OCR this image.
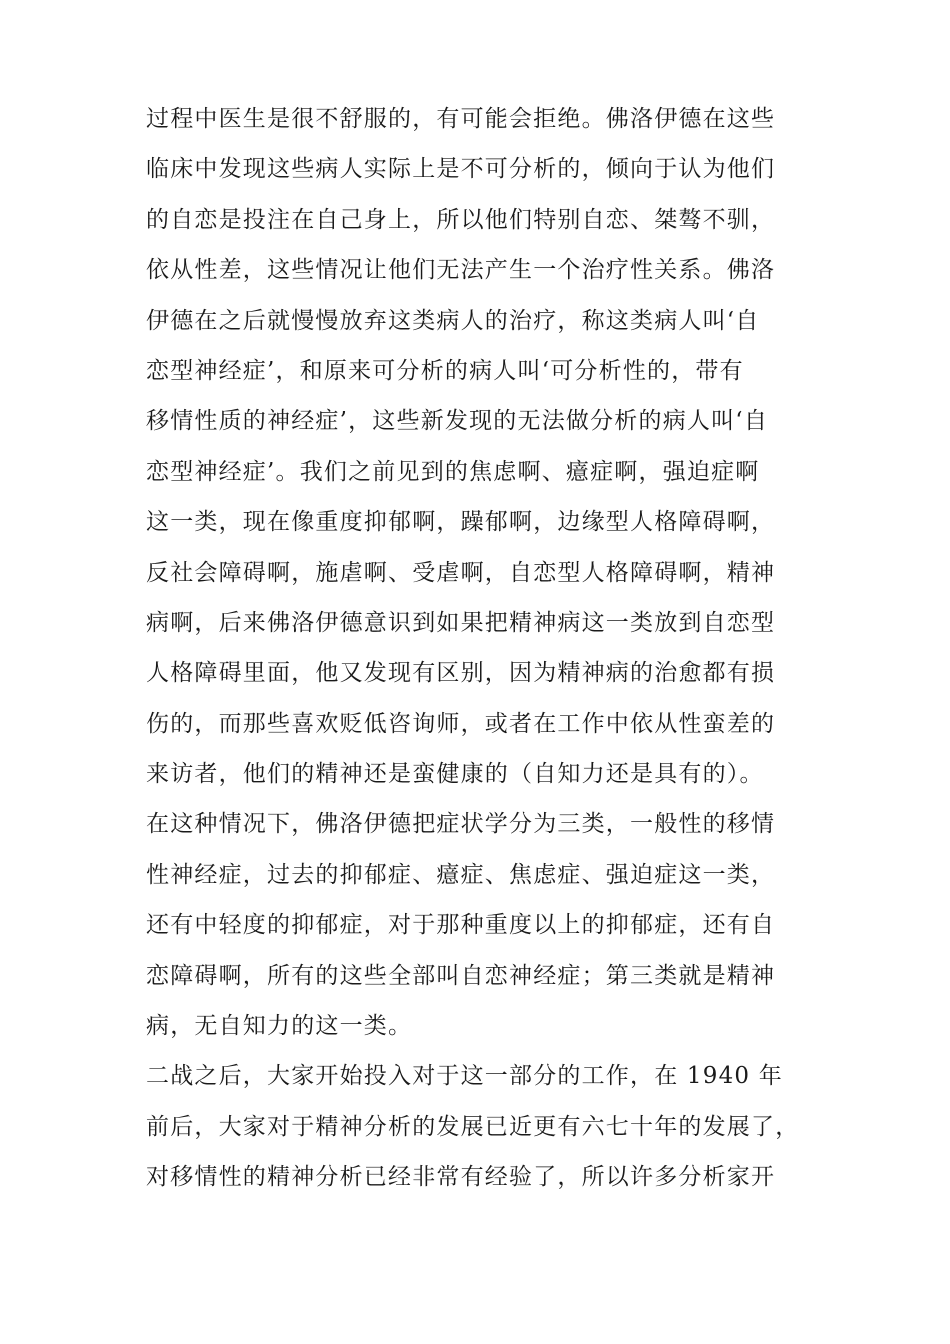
过程中医生是很不舒服的，有可能会拒绝。佛洛伊德在这些
临床中发现这些病人实际上是不可分析的，倾向于认为他们
的自恋是投注在自己身上，所以他们特别自恋、桀骜不驯，
依从性差，这些情况让他们无法产生一个治疗性关系。佛洛
伊德在之后就慢慢放弃这类病人的治疗，称这类病人叫‘自
恋型神经症’，和原来可分析的病人叫‘可分析性的，带有
移情性质的神经症’，这些新发现的无法做分析的病人叫‘自
恋型神经症’。我们之前见到的焦虑啊、癔症啊，强迫症啊
这一类，现在像重度抑郁啊，躁郁啊，边缘型人格障碍啊，
反社会障碍啊，施虐啊、受虐啊，自恋型人格障碍啊，精神
病啊，后来佛洛伊德意识到如果把精神病这一类放到自恋型
人格障碍里面，他又发现有区别，因为精神病的治愈都有损
伤的，而那些喜欢贬低咨询师，或者在工作中依从性蛮差的
来访者，他们的精神还是蛮健康的（自知力还是具有的）。
在这种情况下，佛洛伊德把症状学分为三类，一般性的移情
性神经症，过去的抑郁症、癔症、焦虑症、强迫症这一类，
还有中轻度的抑郁症，对于那种重度以上的抑郁症，还有自
恋障碍啊，所有的这些全部叫自恋神经症；第三类就是精神
病，无自知力的这一类。
二战之后，大家开始投入对于这一部分的工作，在 1940 年
前后，大家对于精神分析的发展已近更有六七十年的发展了，
对移情性的精神分析已经非常有经验了，所以许多分析家开
